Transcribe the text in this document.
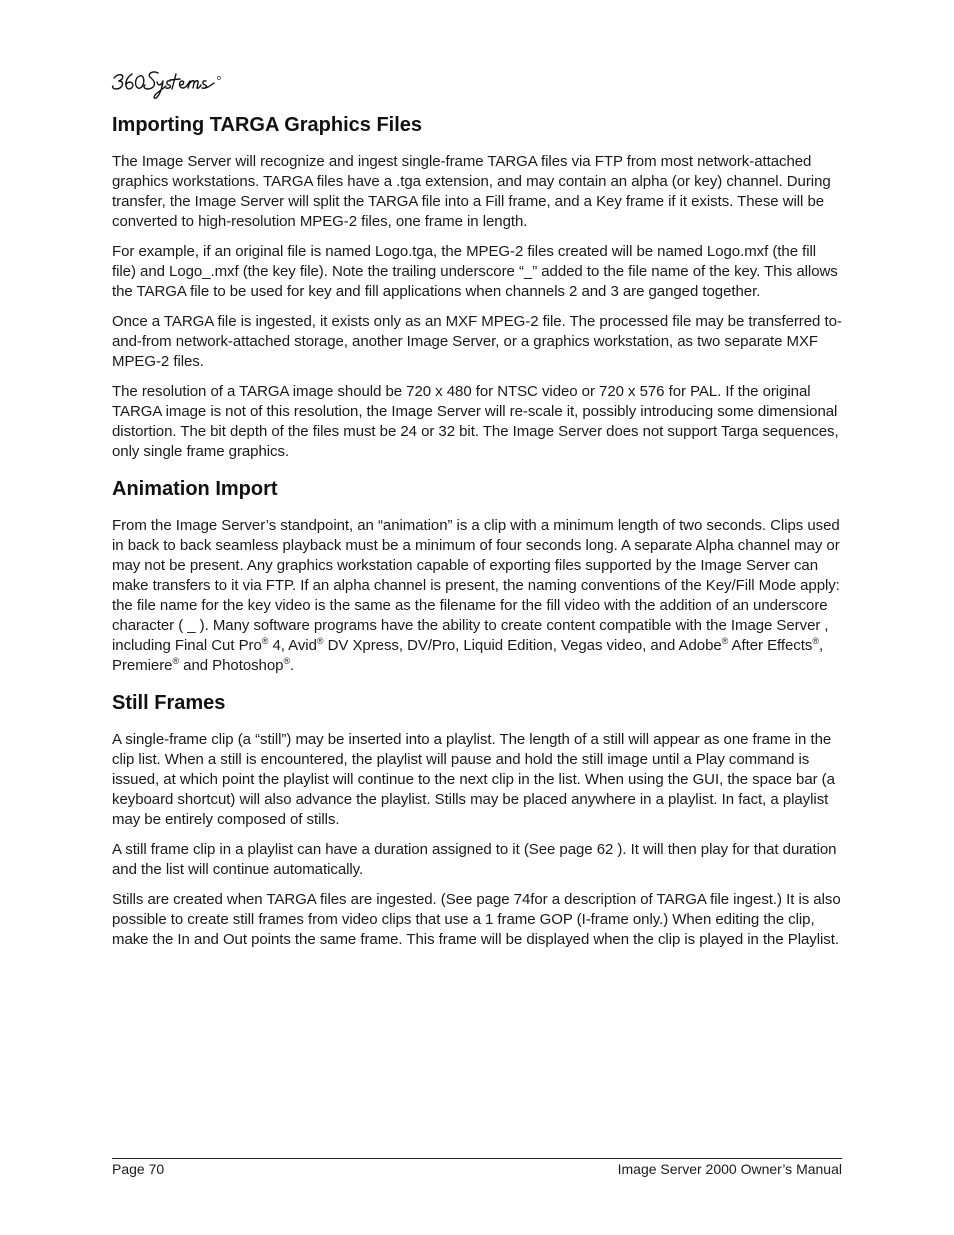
Importing TARGA Graphics Files

The Image Server will recognize and ingest single-frame TARGA files via FTP from most network-attached graphics workstations. TARGA files have a .tga extension, and may contain an alpha (or key) channel. During transfer, the Image Server will split the TARGA file into a Fill frame, and a Key frame if it exists. These will be converted to high-resolution MPEG-2 files, one frame in length.

For example, if an original file is named Logo.tga, the MPEG-2 files created will be named Logo.mxf (the fill file) and Logo_.mxf (the key file). Note the trailing underscore “_” added to the file name of the key. This allows the TARGA file to be used for key and fill applications when channels 2 and 3 are ganged together.

Once a TARGA file is ingested, it exists only as an MXF MPEG-2 file. The processed file may be transferred to-and-from network-attached storage, another Image Server, or a graphics workstation, as two separate MXF MPEG-2 files.

The resolution of a TARGA image should be 720 x 480 for NTSC video or 720 x 576 for PAL. If the original TARGA image is not of this resolution, the Image Server will re-scale it, possibly introducing some dimensional distortion. The bit depth of the files must be 24 or 32 bit. The Image Server does not support Targa sequences, only single frame graphics.

Animation Import

From the Image Server’s standpoint, an “animation” is a clip with a minimum length of two seconds. Clips used in back to back seamless playback must be a minimum of four seconds long. A separate Alpha channel may or may not be present. Any graphics workstation capable of exporting files supported by the Image Server can make transfers to it via FTP. If an alpha channel is present, the naming conventions of the Key/Fill Mode apply: the file name for the key video is the same as the filename for the fill video with the addition of an underscore character ( _ ). Many software programs have the ability to create content compatible with the Image Server , including Final Cut Pro® 4, Avid® DV Xpress, DV/Pro, Liquid Edition, Vegas video, and Adobe® After Effects®, Premiere® and Photoshop®.

Still Frames

A single-frame clip (a “still”) may be inserted into a playlist. The length of a still will appear as one frame in the clip list. When a still is encountered, the playlist will pause and hold the still image until a Play command is issued, at which point the playlist will continue to the next clip in the list. When using the GUI, the space bar (a keyboard shortcut) will also advance the playlist. Stills may be placed anywhere in a playlist. In fact, a playlist may be entirely composed of stills.

A still frame clip in a playlist can have a duration assigned to it (See page 62 ). It will then play for that duration and the list will continue automatically.

Stills are created when TARGA files are ingested. (See page 74for a description of TARGA file ingest.) It is also possible to create still frames from video clips that use a 1 frame GOP (I-frame only.) When editing the clip, make the In and Out points the same frame. This frame will be displayed when the clip is played in the Playlist.

Page 70	Image Server 2000 Owner’s Manual
